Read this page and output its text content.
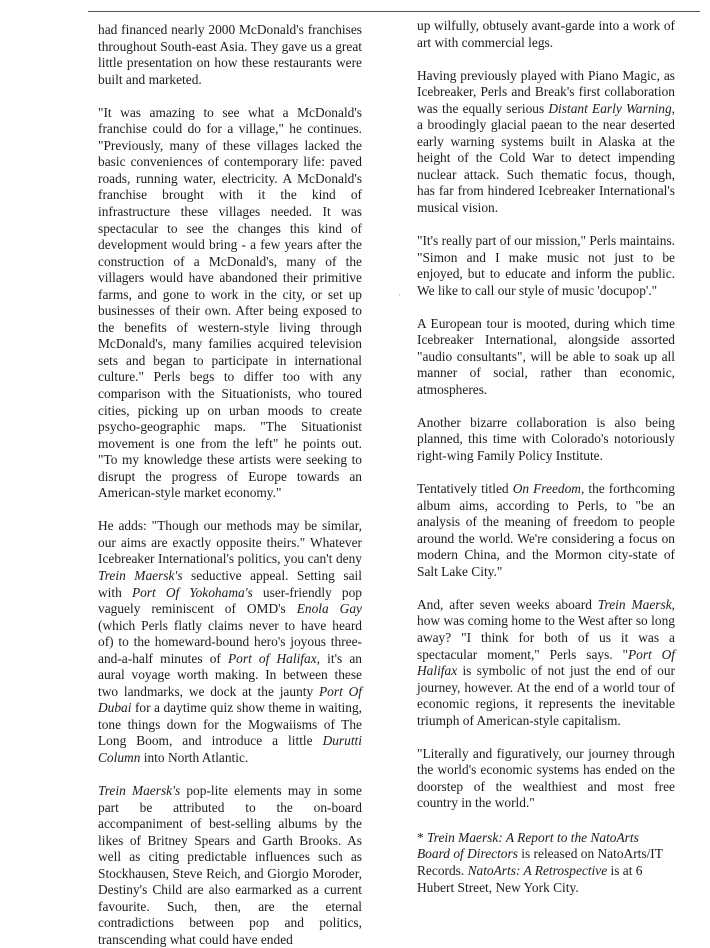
had financed nearly 2000 McDonald's franchises throughout South-east Asia. They gave us a great little presentation on how these restaurants were built and marketed.

"It was amazing to see what a McDonald's franchise could do for a village," he continues. "Previously, many of these villages lacked the basic conveniences of contemporary life: paved roads, running water, electricity. A McDonald's franchise brought with it the kind of infrastructure these villages needed. It was spectacular to see the changes this kind of development would bring - a few years after the construction of a McDonald's, many of the villagers would have abandoned their primitive farms, and gone to work in the city, or set up businesses of their own. After being exposed to the benefits of western-style living through McDonald's, many families acquired television sets and began to participate in international culture." Perls begs to differ too with any comparison with the Situationists, who toured cities, picking up on urban moods to create psycho-geographic maps. "The Situationist movement is one from the left" he points out. "To my knowledge these artists were seeking to disrupt the progress of Europe towards an American-style market economy."

He adds: "Though our methods may be similar, our aims are exactly opposite theirs." Whatever Icebreaker International's politics, you can't deny Trein Maersk's seductive appeal. Setting sail with Port Of Yokohama's user-friendly pop vaguely reminiscent of OMD's Enola Gay (which Perls flatly claims never to have heard of) to the homeward-bound hero's joyous three-and-a-half minutes of Port of Halifax, it's an aural voyage worth making. In between these two landmarks, we dock at the jaunty Port Of Dubai for a daytime quiz show theme in waiting, tone things down for the Mogwaiisms of The Long Boom, and introduce a little Durutti Column into North Atlantic.

Trein Maersk's pop-lite elements may in some part be attributed to the on-board accompaniment of best-selling albums by the likes of Britney Spears and Garth Brooks. As well as citing predictable influences such as Stockhausen, Steve Reich, and Giorgio Moroder, Destiny's Child are also earmarked as a current favourite. Such, then, are the eternal contradictions between pop and politics, transcending what could have ended

up wilfully, obtusely avant-garde into a work of art with commercial legs.

Having previously played with Piano Magic, as Icebreaker, Perls and Break's first collaboration was the equally serious Distant Early Warning, a broodingly glacial paean to the near deserted early warning systems built in Alaska at the height of the Cold War to detect impending nuclear attack. Such thematic focus, though, has far from hindered Icebreaker International's musical vision.

"It's really part of our mission," Perls maintains. "Simon and I make music not just to be enjoyed, but to educate and inform the public. We like to call our style of music 'docupop'."

A European tour is mooted, during which time Icebreaker International, alongside assorted "audio consultants", will be able to soak up all manner of social, rather than economic, atmospheres.

Another bizarre collaboration is also being planned, this time with Colorado's notoriously right-wing Family Policy Institute.

Tentatively titled On Freedom, the forthcoming album aims, according to Perls, to "be an analysis of the meaning of freedom to people around the world. We're considering a focus on modern China, and the Mormon city-state of Salt Lake City."

And, after seven weeks aboard Trein Maersk, how was coming home to the West after so long away? "I think for both of us it was a spectacular moment," Perls says. "Port Of Halifax is symbolic of not just the end of our journey, however. At the end of a world tour of economic regions, it represents the inevitable triumph of American-style capitalism.

"Literally and figuratively, our journey through the world's economic systems has ended on the doorstep of the wealthiest and most free country in the world."

* Trein Maersk: A Report to the NatoArts Board of Directors is released on NatoArts/IT Records. NatoArts: A Retrospective is at 6 Hubert Street, New York City.

·
